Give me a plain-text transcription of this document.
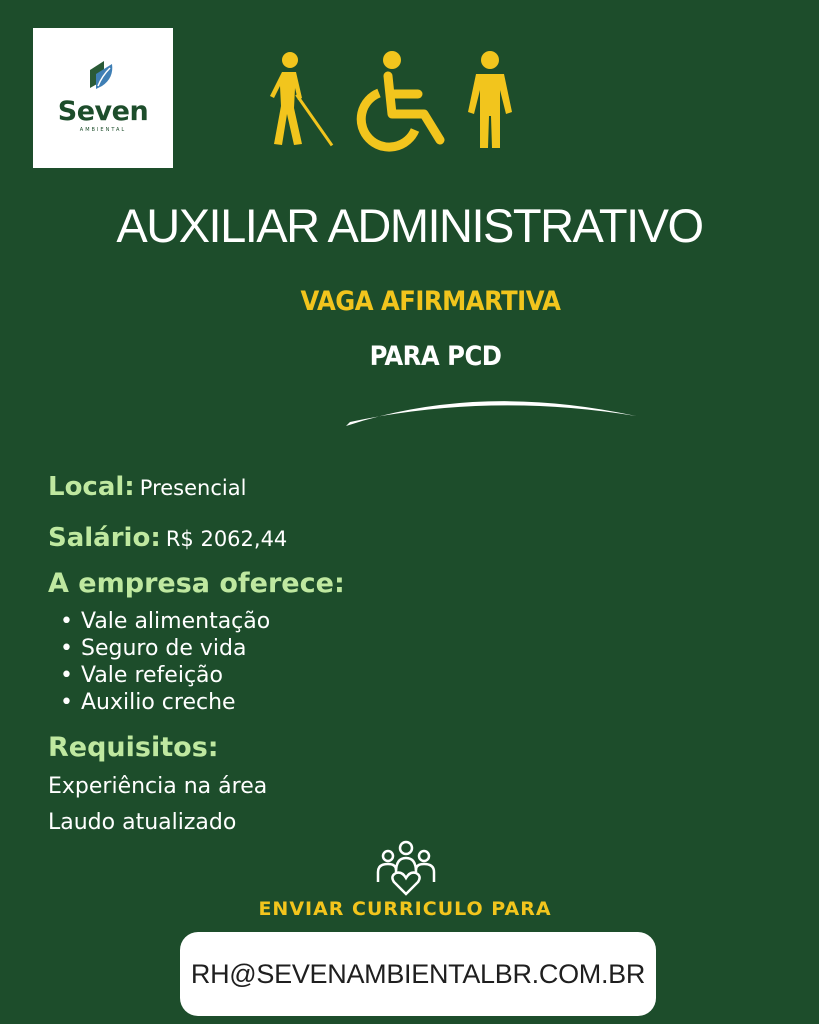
Seven
AMBIENTAL
AUXILIAR ADMINISTRATIVO
VAGA AFIRMARTIVA
PARA PCD
Local: Presencial
Salário: R$ 2062,44
A empresa oferece:
• Vale alimentação
• Seguro de vida
• Vale refeição
• Auxilio creche
Requisitos:
Experiência na área
Laudo atualizado
ENVIAR CURRICULO PARA
RH@SEVENAMBIENTALBR.COM.BR
